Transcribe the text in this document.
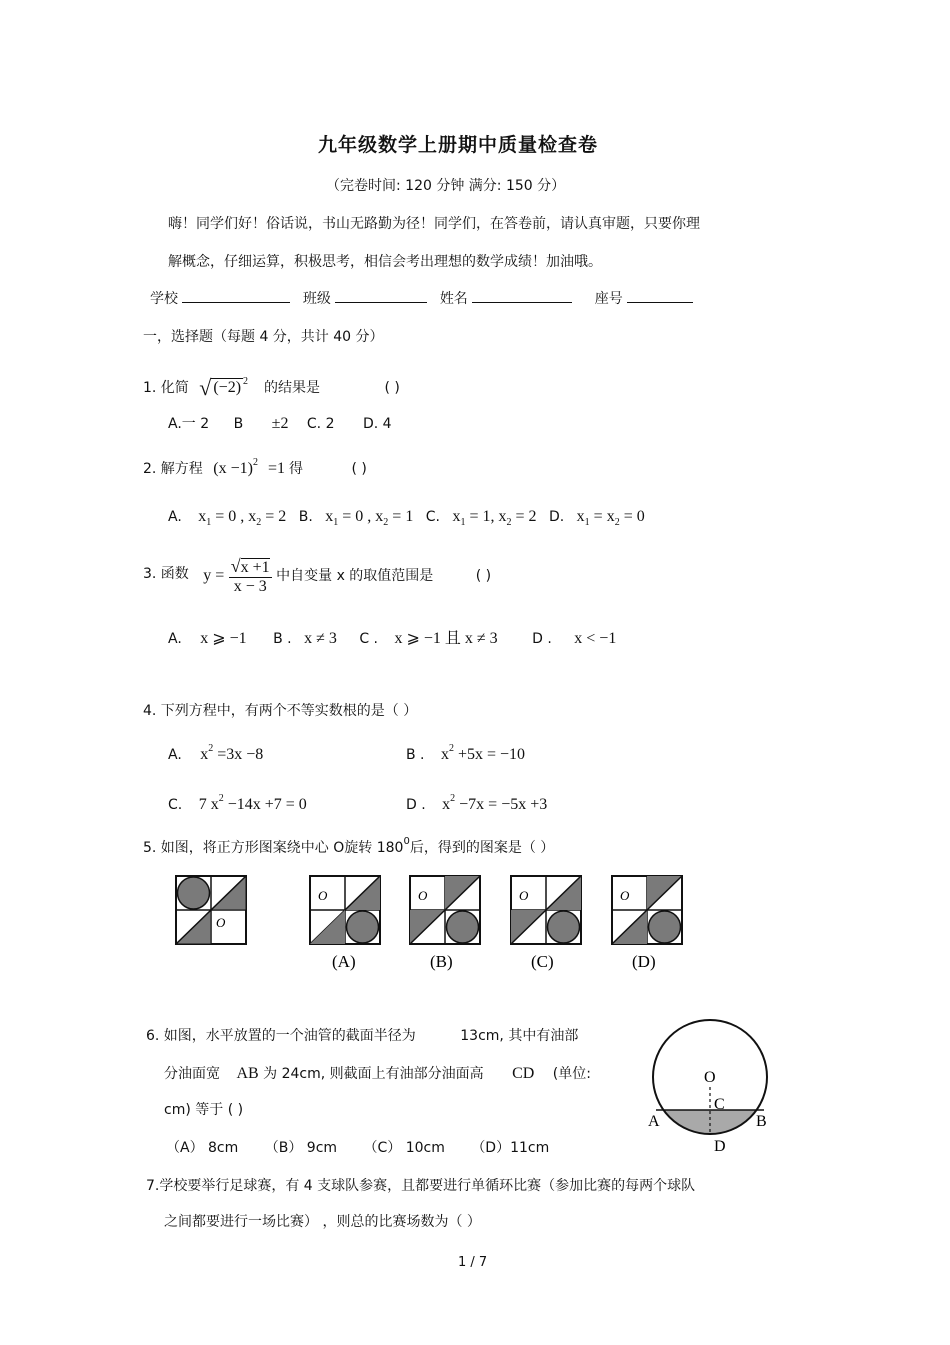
九年级数学上册期中质量检查卷
（完卷时间: 120 分钟 满分: 150 分）
嗨！同学们好！俗话说，书山无路勤为径！同学们，在答卷前，请认真审题，只要你理
解概念，仔细运算，积极思考，相信会考出理想的数学成绩！加油哦。
学校	班级	姓名	座号
一，选择题（每题 4 分，共计 40 分）
1. 化简 √ (−2) $^2$ 的结果是	( )
A.一 2 B ±2 C. 2 D. 4
2. 解方程 $(x -1)^2 =1$ 得	( )
A. $x_1 = 0$ , $x_2 = 2$ B. $x_1 = 0$ , $x_2 = 1$ C. $x_1 = 1$, $x_2 = 2$ D. $x_1 = x_2 = 0$
3. 函数 $y = \frac{√x +1}{x - 3}$ 中自变量 x 的取值范围是	( )
A. x ⩾ −1 B . x ≠ 3 C . x ⩾ −1 且 x ≠ 3 D . x < −1
4. 下列方程中，有两个不等实数根的是（ ）
A. $x^2 =3x -8$	B . $x^2 +5x = -10$
C. 7 $x^2 -14x +7 = 0$	D . $x^2 -7x = -5x +3$
5. 如图，将正方形图案绕中心 O旋转 $180^0$后，得到的图案是（ ）
O
O
(A)
O
(B)
O
(C)
O
(D)
6. 如图，水平放置的一个油管的截面半径为	13cm, 其中有油部
分油面宽 AB 为 24cm, 则截面上有油部分油面高 CD (单位:
cm) 等于 ( )
（A） 8cm （B） 9cm （C） 10cm （D）11cm
O
C
A	B
D
7.学校要举行足球赛，有 4 支球队参赛，且都要进行单循环比赛（参加比赛的每两个球队
之间都要进行一场比赛） ，则总的比赛场数为（ ）
1 / 7
